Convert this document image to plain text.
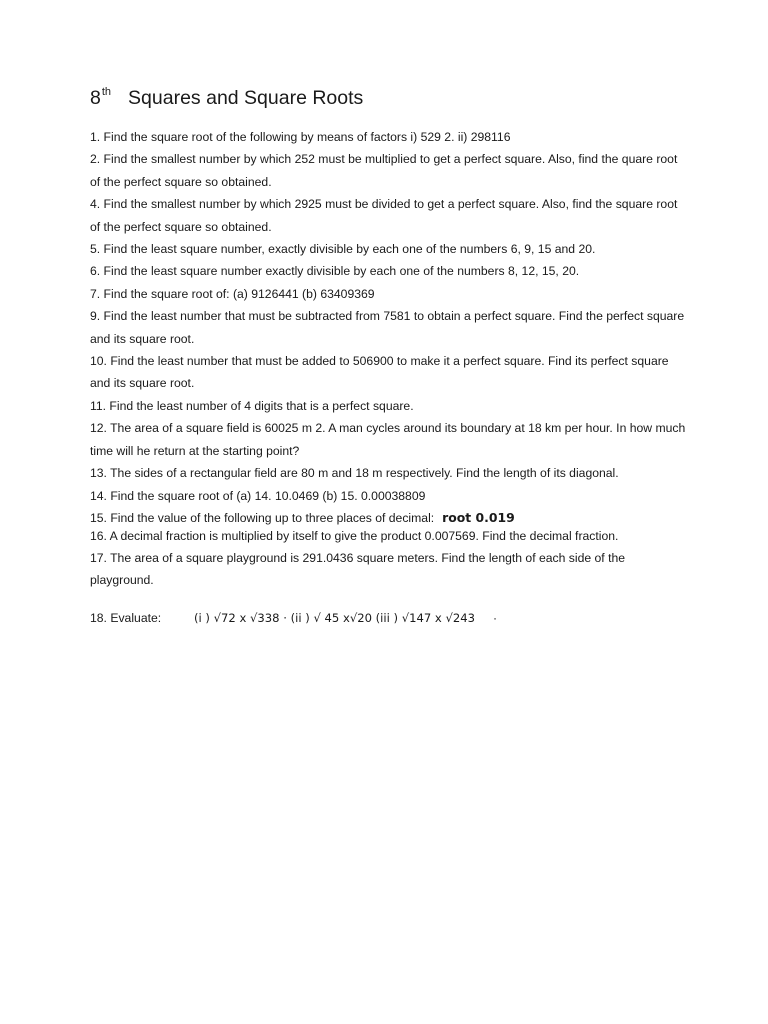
8th Squares and Square Roots

1. Find the square root of the following by means of factors i) 529 2. ii) 298116

2. Find the smallest number by which 252 must be multiplied to get a perfect square. Also, find the quare root of the perfect square so obtained.

4. Find the smallest number by which 2925 must be divided to get a perfect square. Also, find the square root of the perfect square so obtained.

5. Find the least square number, exactly divisible by each one of the numbers 6, 9, 15 and 20.

6. Find the least square number exactly divisible by each one of the numbers 8, 12, 15, 20.

7. Find the square root of: (a) 9126441 (b) 63409369

9. Find the least number that must be subtracted from 7581 to obtain a perfect square. Find the perfect square and its square root.

10. Find the least number that must be added to 506900 to make it a perfect square. Find its perfect square and its square root.

11. Find the least number of 4 digits that is a perfect square.

12. The area of a square field is 60025 m 2. A man cycles around its boundary at 18 km per hour. In how much time will he return at the starting point?

13. The sides of a rectangular field are 80 m and 18 m respectively. Find the length of its diagonal.

14. Find the square root of (a) 14. 10.0469 (b) 15. 0.00038809

15. Find the value of the following up to three places of decimal: root 0.019

16. A decimal fraction is multiplied by itself to give the product 0.007569. Find the decimal fraction.

17. The area of a square playground is 291.0436 square meters. Find the length of each side of the playground.

18. Evaluate:	(i ) √72 x √338 · (ii ) √ 45 x√20 (iii ) √147 x √243 ·
